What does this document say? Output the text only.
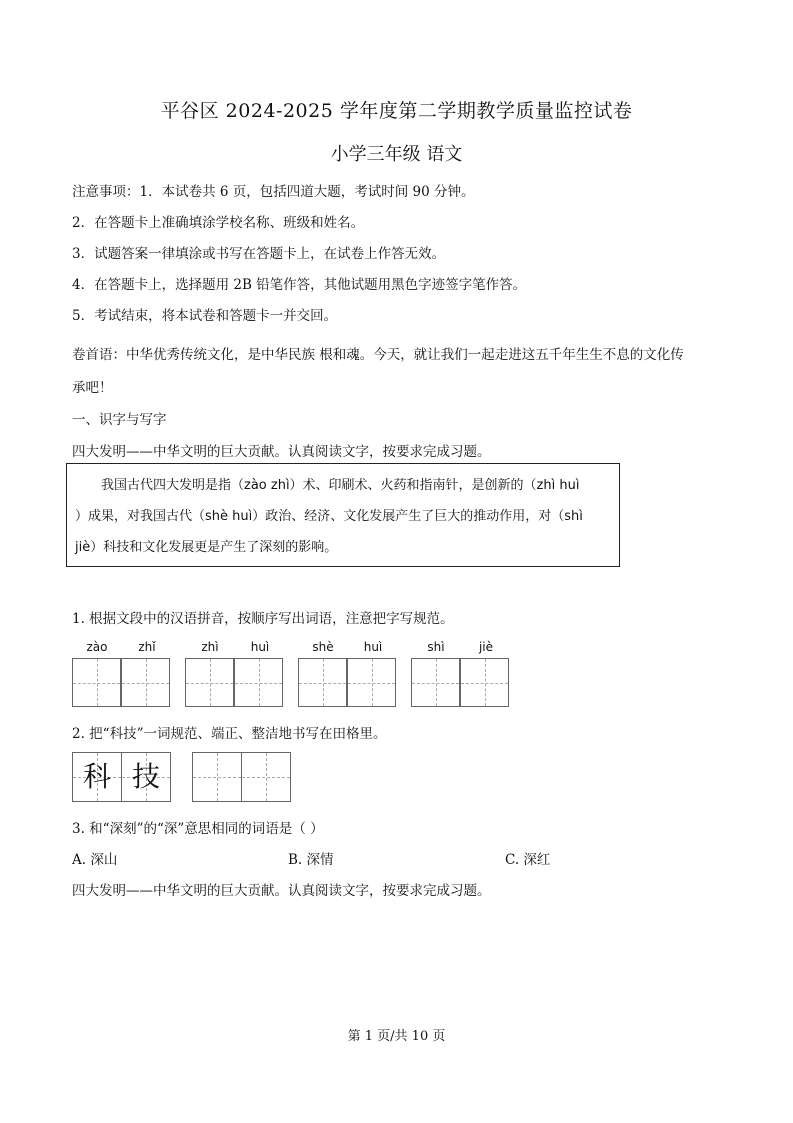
平谷区 2024-2025 学年度第二学期教学质量监控试卷
小学三年级 语文
注意事项：1．本试卷共 6 页，包括四道大题，考试时间 90 分钟。
2．在答题卡上准确填涂学校名称、班级和姓名。
3．试题答案一律填涂或书写在答题卡上，在试卷上作答无效。
4．在答题卡上，选择题用 2B 铅笔作答，其他试题用黑色字迹签字笔作答。
5．考试结束，将本试卷和答题卡一并交回。
卷首语：中华优秀传统文化，是中华民族 根和魂。今天，就让我们一起走进这五千年生生不息的文化传
承吧！
一、识字与写字
四大发明——中华文明的巨大贡献。认真阅读文字，按要求完成习题。

我国古代四大发明是指（zào zhì）术、印刷术、火药和指南针，是创新的（zhì huì

）成果，对我国古代（shè huì）政治、经济、文化发展产生了巨大的推动作用，对（shì
jiè）科技和文化发展更是产生了深刻的影响。
1. 根据文段中的汉语拼音，按顺序写出词语，注意把字写规范。
zào	zhǐ	zhì	huì	shè	huì	shì	jiè
2. 把“科技”一词规范、端正、整洁地书写在田格里。
科 技
3. 和“深刻”的“深”意思相同的词语是（ ）
A. 深山	B. 深情	C. 深红
四大发明——中华文明的巨大贡献。认真阅读文字，按要求完成习题。
第 1 页/共 10 页
